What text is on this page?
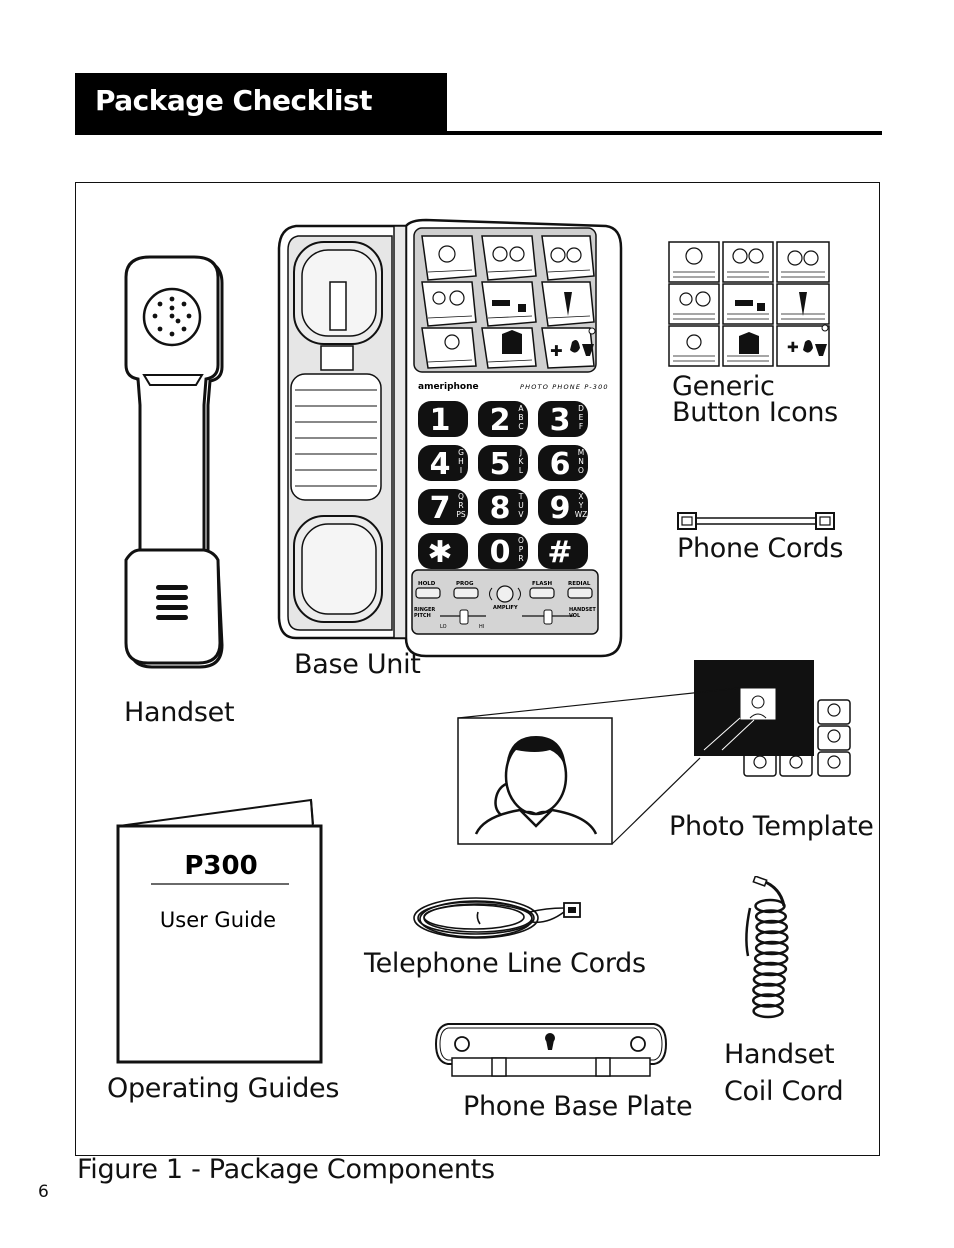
Package Checklist
✚
ameriphone	PHOTO PHONE P-300
1 2 A
B
C 3 D
E
F
4 G
H
I 5 J
K
L 6 M
N
O
7 Q
R
PS 8 T
U
V 9 X
Y
WZ
✱ 0 O
P
R #
HOLD	PROG	FLASH	REDIAL
AMPLIFY
RINGER PITCH
HANDSET VOL
LO	HI
✚
P300
User Guide
Handset
Base Unit
Generic
Button Icons
Phone Cords
Photo Template
Operating Guides
Telephone Line Cords
Phone Base Plate
Handset
Coil Cord
Figure 1 - Package Components
6
